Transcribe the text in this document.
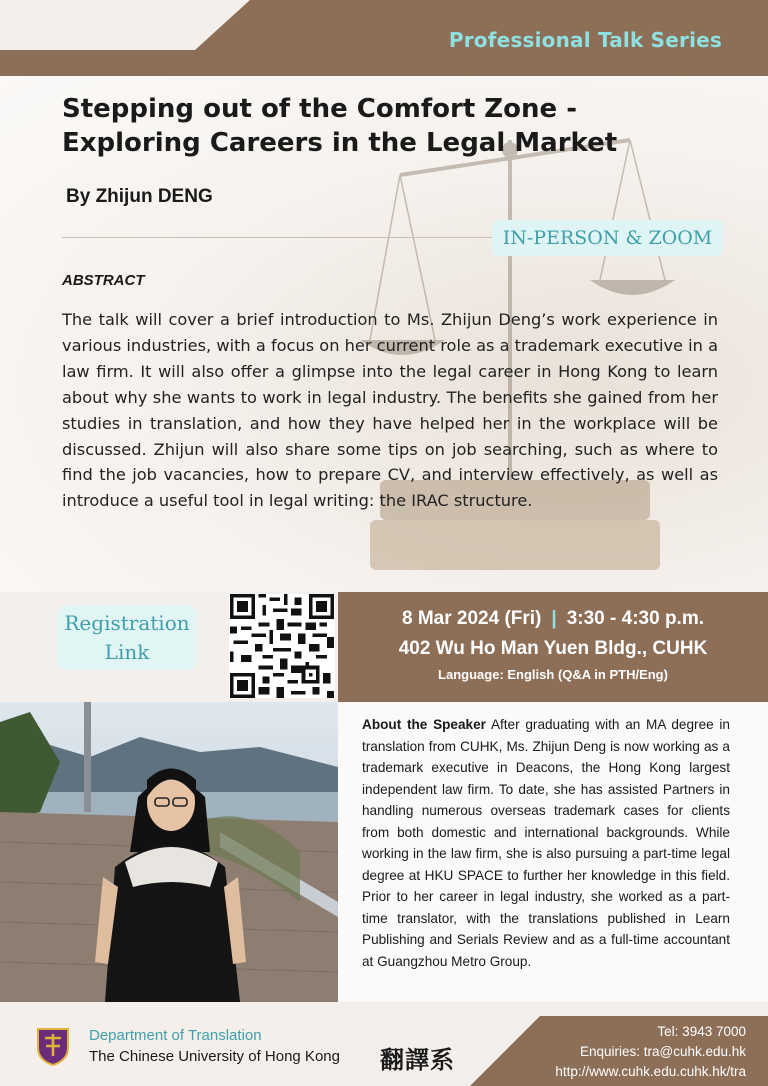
Professional Talk Series
Stepping out of the Comfort Zone -
Exploring Careers in the Legal Market
By Zhijun DENG
IN-PERSON & ZOOM
ABSTRACT

The talk will cover a brief introduction to Ms. Zhijun Deng’s work experience in various industries, with a focus on her current role as a trademark executive in a law firm. It will also offer a glimpse into the legal career in Hong Kong to learn about why she wants to work in legal industry. The benefits she gained from her studies in translation, and how they have helped her in the workplace will be discussed. Zhijun will also share some tips on job searching, such as where to find the job vacancies, how to prepare CV, and interview effectively, as well as introduce a useful tool in legal writing: the IRAC structure.

Registration
Link
8 Mar 2024 (Fri) | 3:30 - 4:30 p.m.
402 Wu Ho Man Yuen Bldg., CUHK
Language: English (Q&A in PTH/Eng)

About the Speaker After graduating with an MA degree in translation from CUHK, Ms. Zhijun Deng is now working as a trademark executive in Deacons, the Hong Kong largest independent law firm. To date, she has assisted Partners in handling numerous overseas trademark cases for clients from both domestic and international backgrounds. While working in the law firm, she is also pursuing a part-time legal degree at HKU SPACE to further her knowledge in this field. Prior to her career in legal industry, she worked as a part-time translator, with the translations published in Learn Publishing and Serials Review and as a full-time accountant at Guangzhou Metro Group.

Department of Translation
The Chinese University of Hong Kong 翻譯系
Tel: 3943 7000
Enquiries: tra@cuhk.edu.hk
http://www.cuhk.edu.cuhk.hk/tra
